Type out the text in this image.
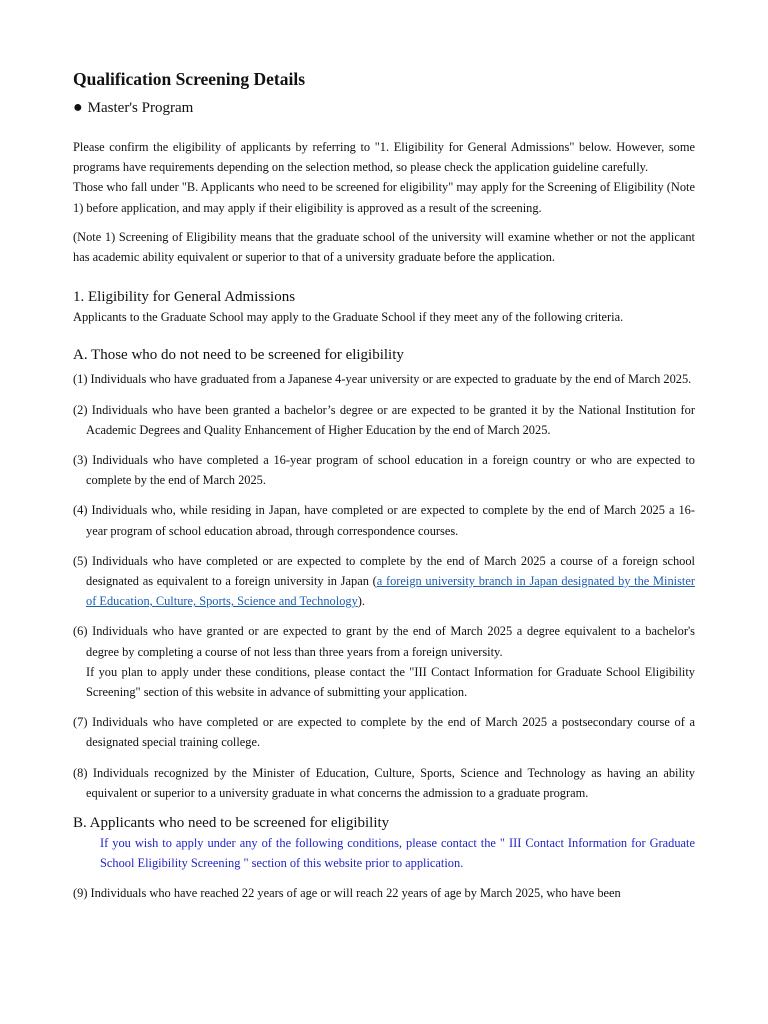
Qualification Screening Details
● Master's Program

Please confirm the eligibility of applicants by referring to "1. Eligibility for General Admissions" below. However, some programs have requirements depending on the selection method, so please check the application guideline carefully.

Those who fall under "B. Applicants who need to be screened for eligibility" may apply for the Screening of Eligibility (Note 1) before application, and may apply if their eligibility is approved as a result of the screening.

(Note 1) Screening of Eligibility means that the graduate school of the university will examine whether or not the applicant has academic ability equivalent or superior to that of a university graduate before the application.

1. Eligibility for General Admissions

Applicants to the Graduate School may apply to the Graduate School if they meet any of the following criteria.

A. Those who do not need to be screened for eligibility
(1) Individuals who have graduated from a Japanese 4-year university or are expected to graduate by the end of March 2025.
(2) Individuals who have been granted a bachelor’s degree or are expected to be granted it by the National Institution for Academic Degrees and Quality Enhancement of Higher Education by the end of March 2025.
(3) Individuals who have completed a 16-year program of school education in a foreign country or who are expected to complete by the end of March 2025.
(4) Individuals who, while residing in Japan, have completed or are expected to complete by the end of March 2025 a 16-year program of school education abroad, through correspondence courses.
(5) Individuals who have completed or are expected to complete by the end of March 2025 a course of a foreign school designated as equivalent to a foreign university in Japan (a foreign university branch in Japan designated by the Minister of Education, Culture, Sports, Science and Technology).
(6) Individuals who have granted or are expected to grant by the end of March 2025 a degree equivalent to a bachelor's degree by completing a course of not less than three years from a foreign university.
If you plan to apply under these conditions, please contact the "III Contact Information for Graduate School Eligibility Screening" section of this website in advance of submitting your application.
(7) Individuals who have completed or are expected to complete by the end of March 2025 a postsecondary course of a designated special training college.
(8) Individuals recognized by the Minister of Education, Culture, Sports, Science and Technology as having an ability equivalent or superior to a university graduate in what concerns the admission to a graduate program.
B. Applicants who need to be screened for eligibility

If you wish to apply under any of the following conditions, please contact the " III Contact Information for Graduate School Eligibility Screening " section of this website prior to application.

(9) Individuals who have reached 22 years of age or will reach 22 years of age by March 2025, who have been
